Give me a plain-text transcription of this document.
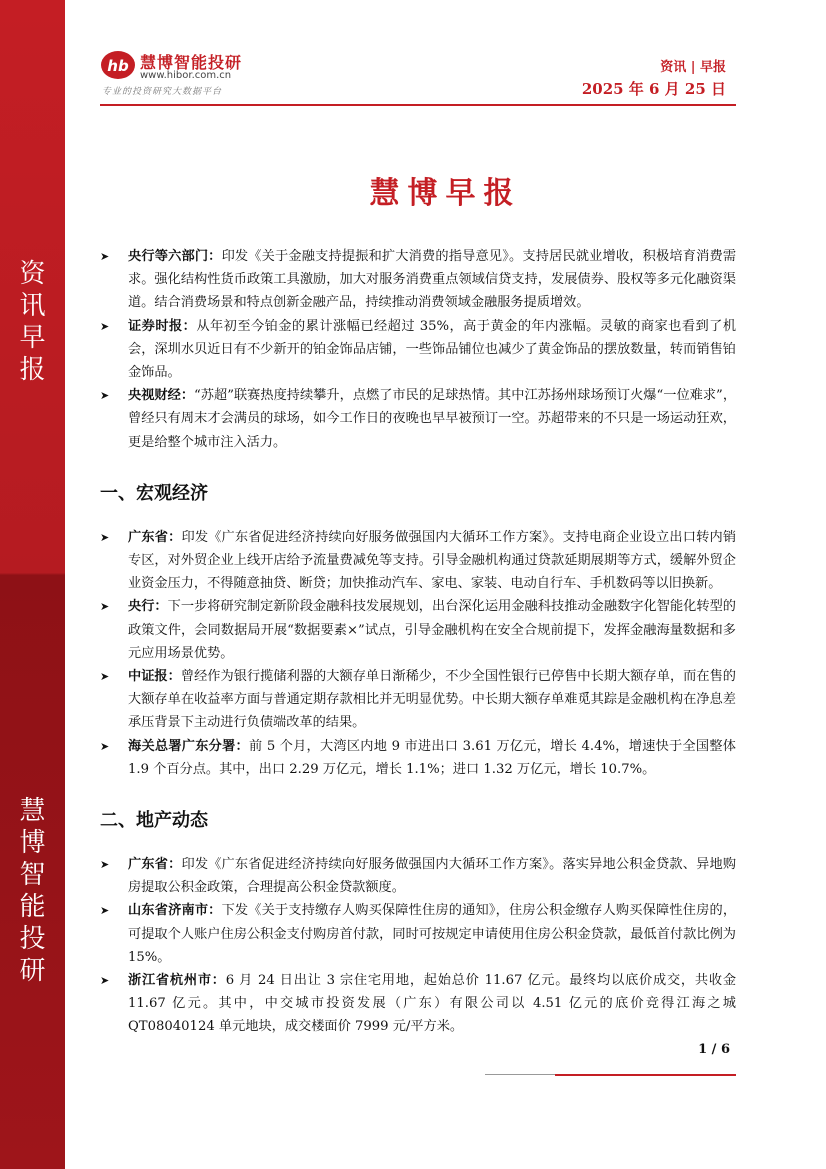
资
讯
早
报
慧
博
智
能
投
研
hb 慧博智能投研
www.hibor.com.cn
专业的投资研究大数据平台
资讯 | 早报
2025 年 6 月 25 日
慧博早报
➤ 央行等六部门：印发《关于金融支持提振和扩大消费的指导意见》。支持居民就业增收，积极培育消费需求。强化结构性货币政策工具激励，加大对服务消费重点领域信贷支持，发展债券、股权等多元化融资渠道。结合消费场景和特点创新金融产品，持续推动消费领域金融服务提质增效。
➤ 证券时报：从年初至今铂金的累计涨幅已经超过 35%，高于黄金的年内涨幅。灵敏的商家也看到了机会，深圳水贝近日有不少新开的铂金饰品店铺，一些饰品铺位也减少了黄金饰品的摆放数量，转而销售铂金饰品。
➤ 央视财经：“苏超”联赛热度持续攀升，点燃了市民的足球热情。其中江苏扬州球场预订火爆“一位难求”，曾经只有周末才会满员的球场，如今工作日的夜晚也早早被预订一空。苏超带来的不只是一场运动狂欢，更是给整个城市注入活力。
一、宏观经济
➤ 广东省：印发《广东省促进经济持续向好服务做强国内大循环工作方案》。支持电商企业设立出口转内销专区，对外贸企业上线开店给予流量费减免等支持。引导金融机构通过贷款延期展期等方式，缓解外贸企业资金压力，不得随意抽贷、断贷；加快推动汽车、家电、家装、电动自行车、手机数码等以旧换新。
➤ 央行：下一步将研究制定新阶段金融科技发展规划，出台深化运用金融科技推动金融数字化智能化转型的政策文件，会同数据局开展“数据要素×”试点，引导金融机构在安全合规前提下，发挥金融海量数据和多元应用场景优势。
➤ 中证报：曾经作为银行揽储利器的大额存单日渐稀少，不少全国性银行已停售中长期大额存单，而在售的大额存单在收益率方面与普通定期存款相比并无明显优势。中长期大额存单难觅其踪是金融机构在净息差承压背景下主动进行负债端改革的结果。
➤ 海关总署广东分署：前 5 个月，大湾区内地 9 市进出口 3.61 万亿元，增长 4.4%，增速快于全国整体 1.9 个百分点。其中，出口 2.29 万亿元，增长 1.1%；进口 1.32 万亿元，增长 10.7%。
二、地产动态
➤ 广东省：印发《广东省促进经济持续向好服务做强国内大循环工作方案》。落实异地公积金贷款、异地购房提取公积金政策，合理提高公积金贷款额度。
➤ 山东省济南市：下发《关于支持缴存人购买保障性住房的通知》，住房公积金缴存人购买保障性住房的，可提取个人账户住房公积金支付购房首付款，同时可按规定申请使用住房公积金贷款，最低首付款比例为 15%。
➤ 浙江省杭州市：6 月 24 日出让 3 宗住宅用地，起始总价 11.67 亿元。最终均以底价成交，共收金 11.67 亿元。其中，中交城市投资发展（广东）有限公司以 4.51 亿元的底价竞得江海之城 QT08040124 单元地块，成交楼面价 7999 元/平方米。
1 / 6
